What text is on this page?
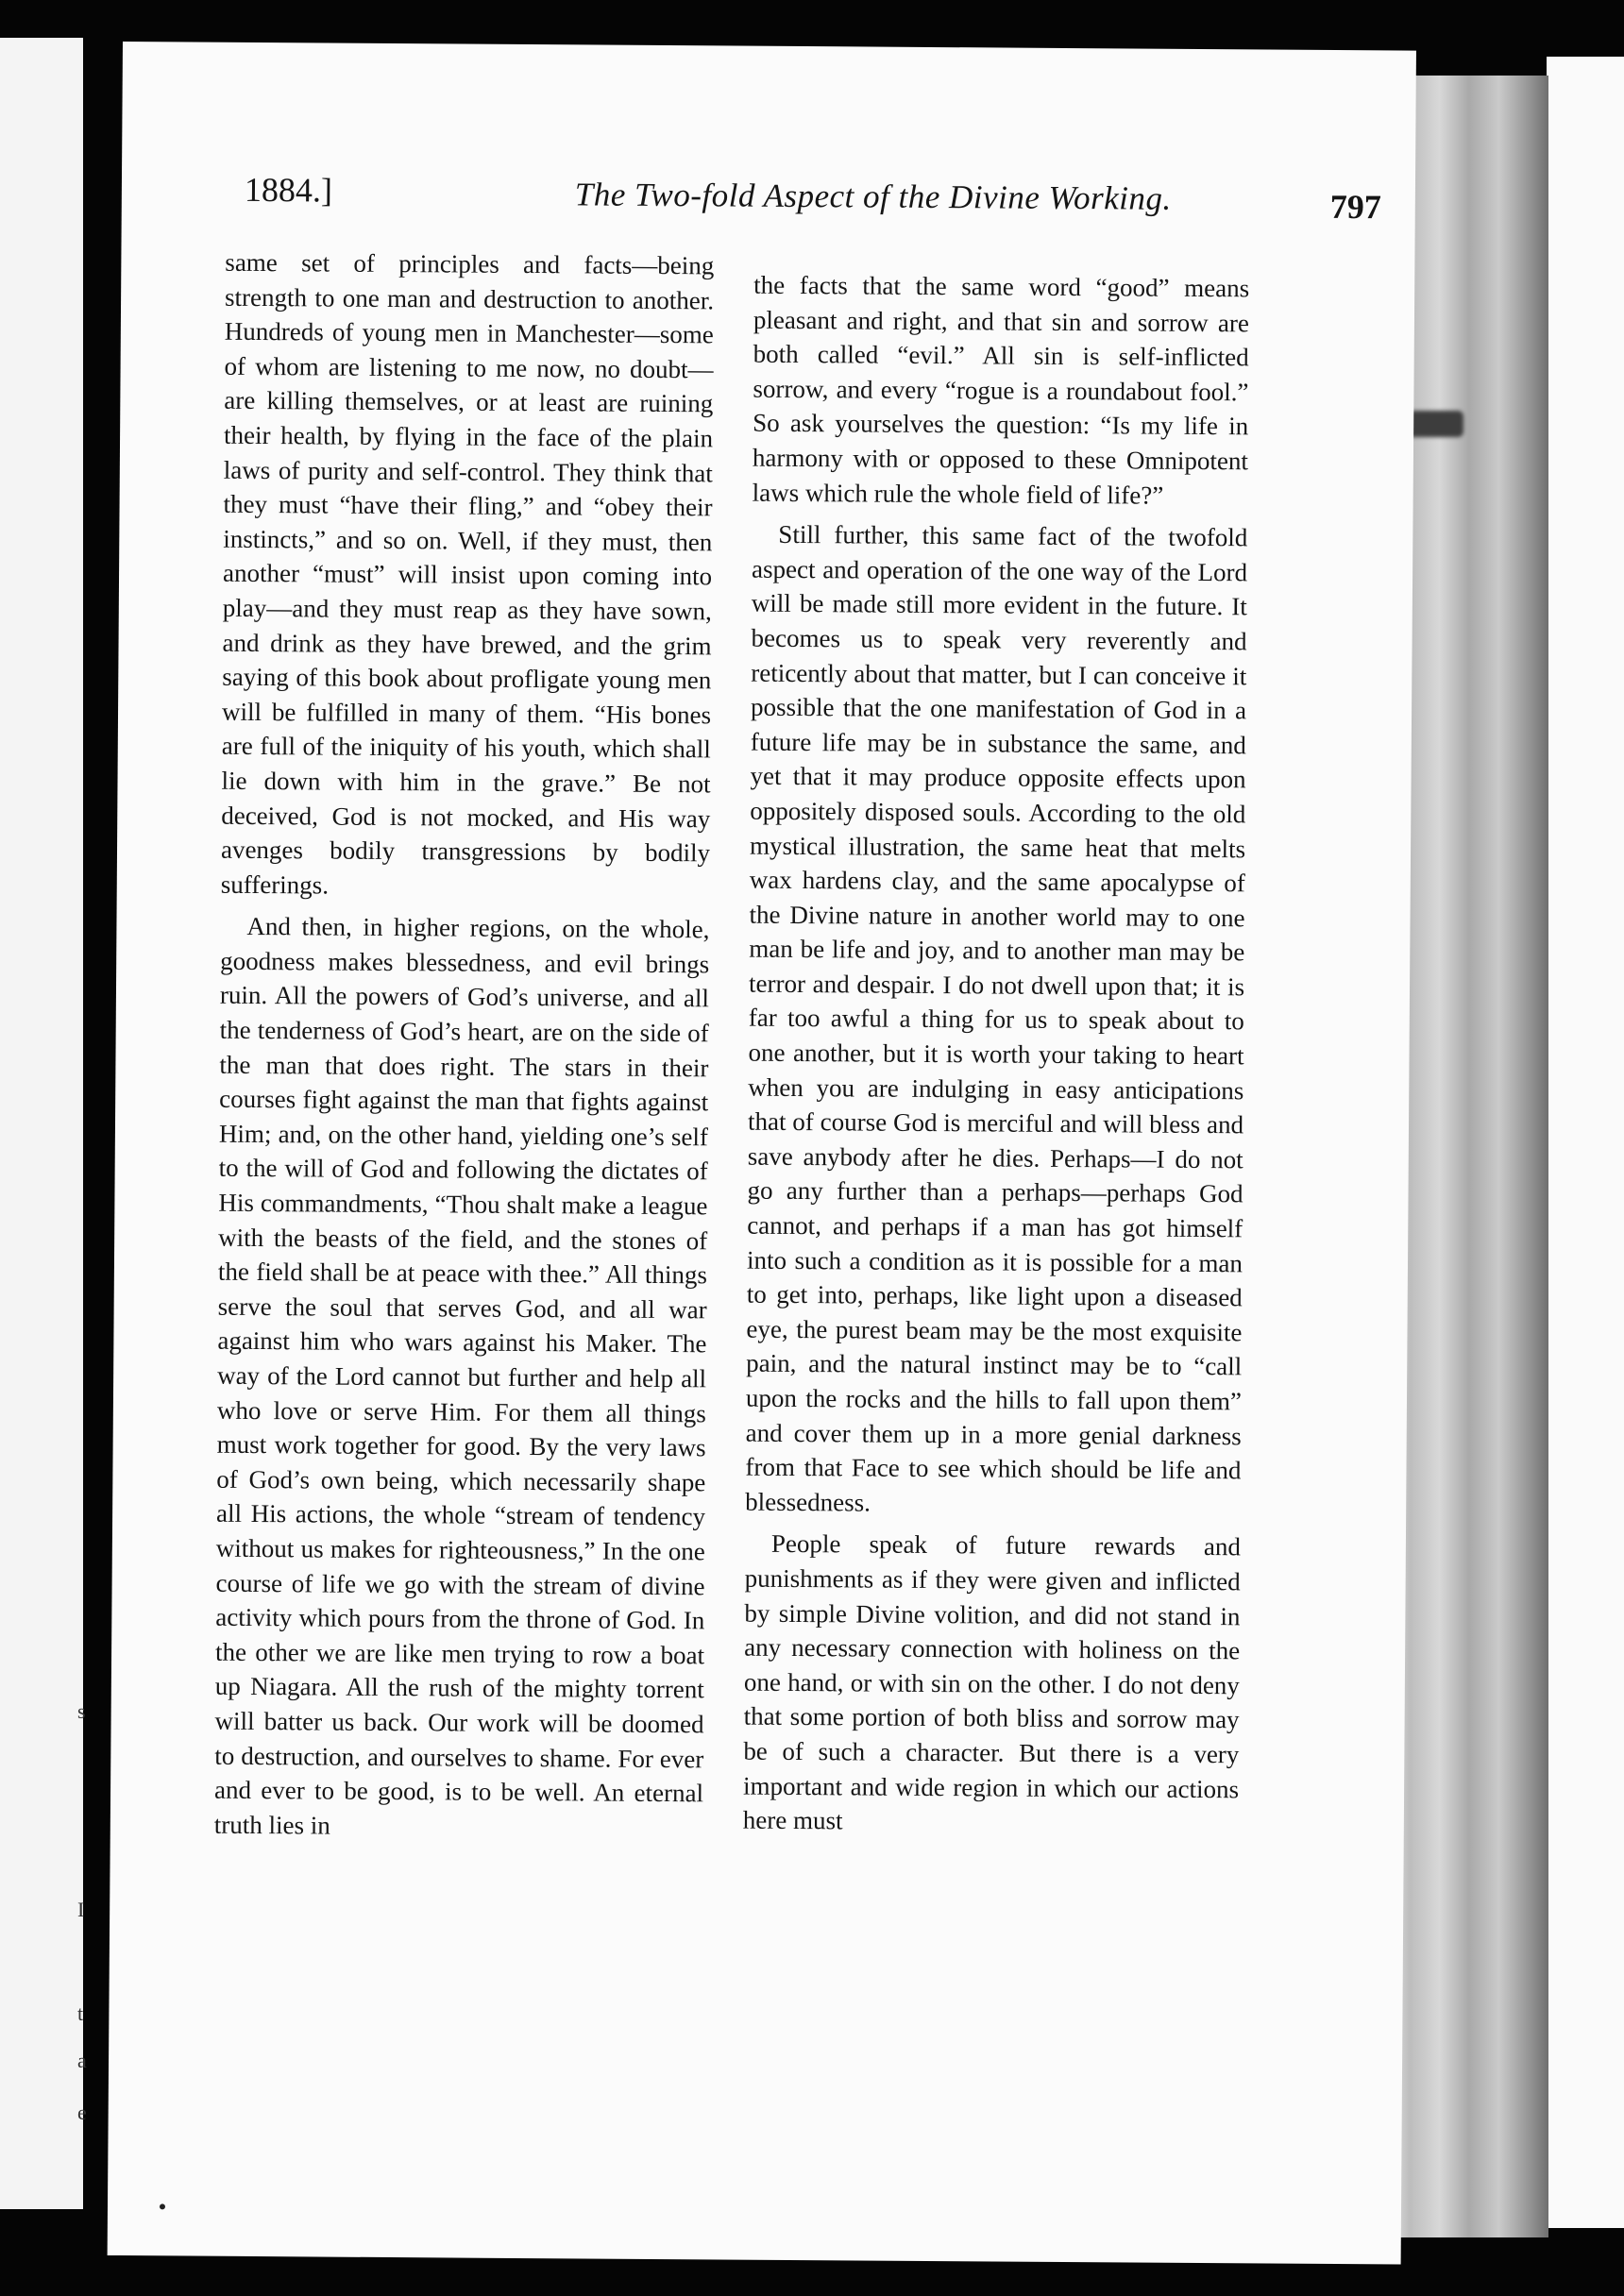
s
I
t
a
e
1884.]	The Two-fold Aspect of the Divine Working.	797

same set of principles and facts—being strength to one man and destruction to another. Hundreds of young men in Manchester—some of whom are listening to me now, no doubt—are killing themselves, or at least are ruining their health, by flying in the face of the plain laws of purity and self-control. They think that they must “have their fling,” and “obey their instincts,” and so on. Well, if they must, then another “must” will insist upon coming into play—and they must reap as they have sown, and drink as they have brewed, and the grim saying of this book about profligate young men will be fulfilled in many of them. “His bones are full of the iniquity of his youth, which shall lie down with him in the grave.” Be not deceived, God is not mocked, and His way avenges bodily transgressions by bodily sufferings.

And then, in higher regions, on the whole, goodness makes blessedness, and evil brings ruin. All the powers of God’s universe, and all the tenderness of God’s heart, are on the side of the man that does right. The stars in their courses fight against the man that fights against Him; and, on the other hand, yielding one’s self to the will of God and following the dictates of His commandments, “Thou shalt make a league with the beasts of the field, and the stones of the field shall be at peace with thee.” All things serve the soul that serves God, and all war against him who wars against his Maker. The way of the Lord cannot but further and help all who love or serve Him. For them all things must work together for good. By the very laws of God’s own being, which necessarily shape all His actions, the whole “stream of tendency without us makes for righteousness,” In the one course of life we go with the stream of divine activity which pours from the throne of God. In the other we are like men trying to row a boat up Niagara. All the rush of the mighty torrent will batter us back. Our work will be doomed to destruction, and ourselves to shame. For ever and ever to be good, is to be well. An eternal truth lies in

the facts that the same word “good” means pleasant and right, and that sin and sorrow are both called “evil.” All sin is self-inflicted sorrow, and every “rogue is a roundabout fool.” So ask yourselves the question: “Is my life in harmony with or opposed to these Omnipotent laws which rule the whole field of life?”

Still further, this same fact of the twofold aspect and operation of the one way of the Lord will be made still more evident in the future. It becomes us to speak very reverently and reticently about that matter, but I can conceive it possible that the one manifestation of God in a future life may be in substance the same, and yet that it may produce opposite effects upon oppositely disposed souls. According to the old mystical illustration, the same heat that melts wax hardens clay, and the same apocalypse of the Divine nature in another world may to one man be life and joy, and to another man may be terror and despair. I do not dwell upon that; it is far too awful a thing for us to speak about to one another, but it is worth your taking to heart when you are indulging in easy anticipations that of course God is merciful and will bless and save anybody after he dies. Perhaps—I do not go any further than a perhaps—perhaps God cannot, and perhaps if a man has got himself into such a condition as it is possible for a man to get into, perhaps, like light upon a diseased eye, the purest beam may be the most exquisite pain, and the natural instinct may be to “call upon the rocks and the hills to fall upon them” and cover them up in a more genial darkness from that Face to see which should be life and blessedness.

People speak of future rewards and punishments as if they were given and inflicted by simple Divine volition, and did not stand in any necessary connection with holiness on the one hand, or with sin on the other. I do not deny that some portion of both bliss and sorrow may be of such a character. But there is a very important and wide region in which our actions here must
